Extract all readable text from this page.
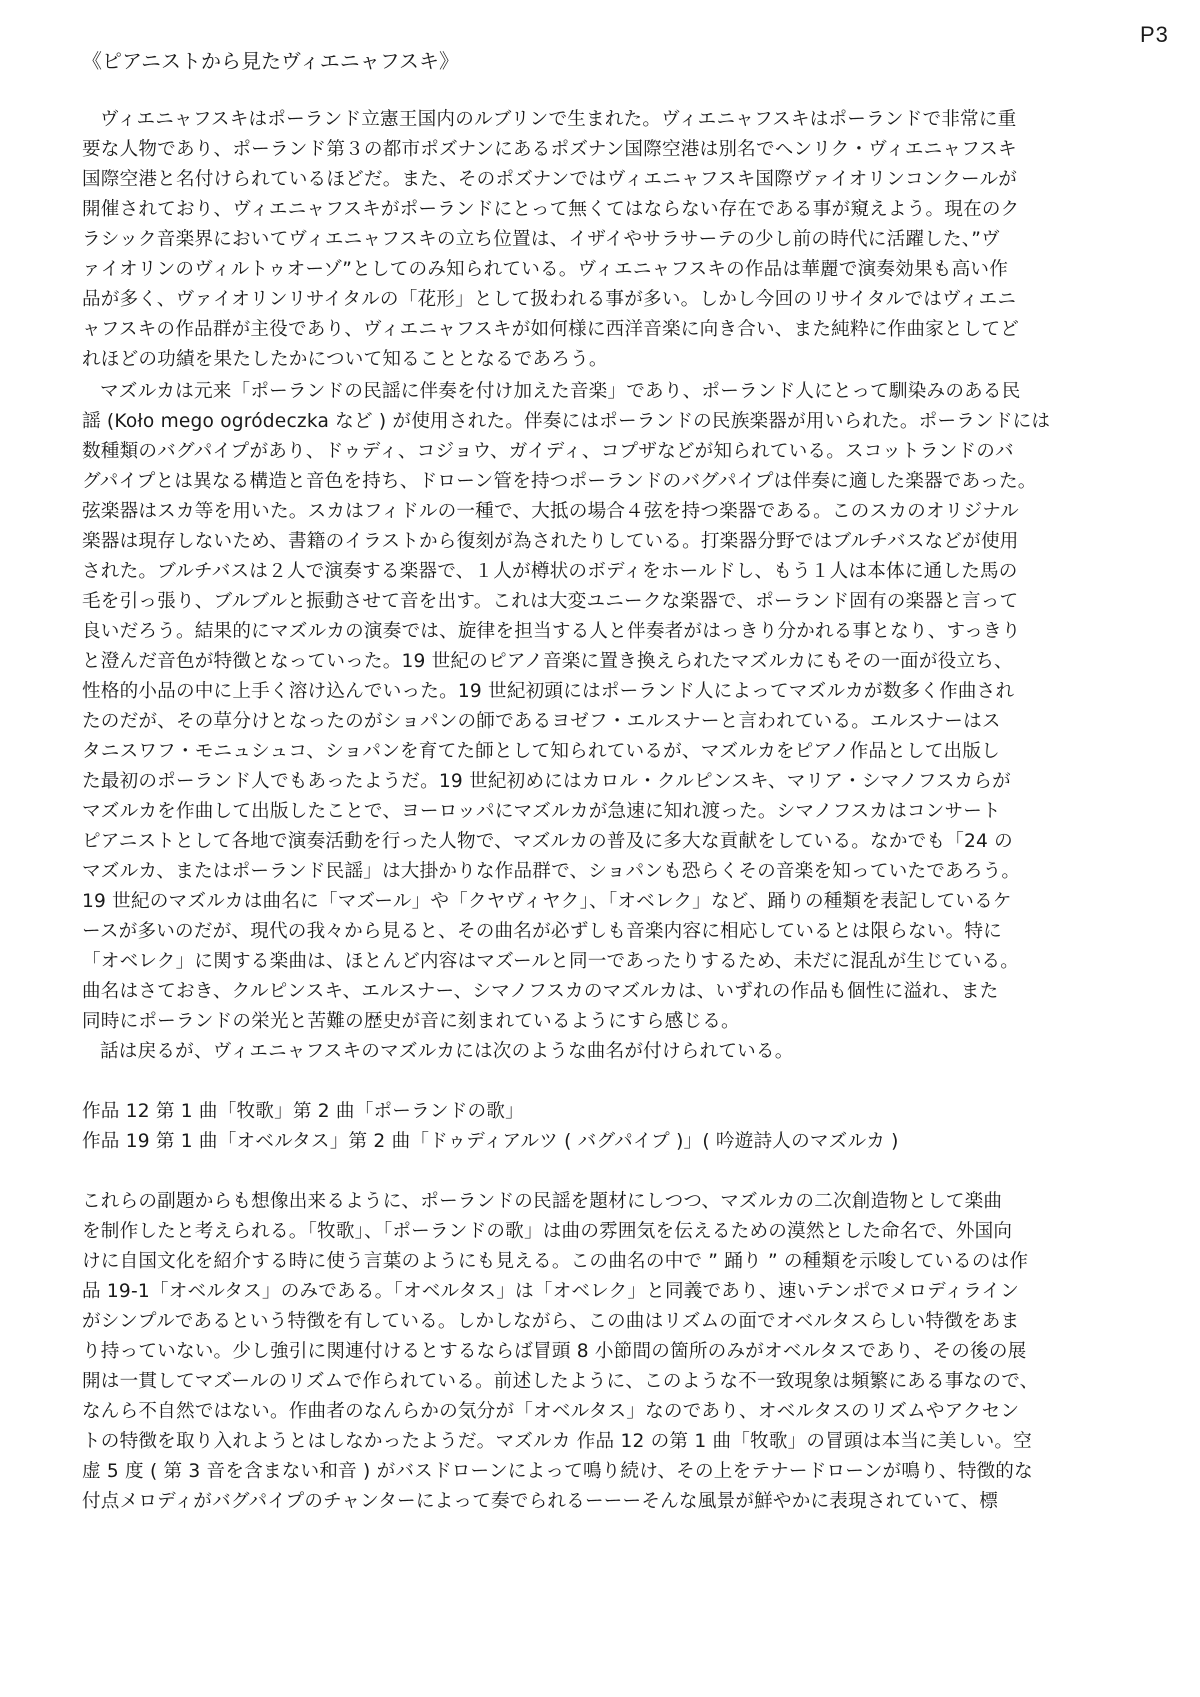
P3
《ピアニストから見たヴィエニャフスキ》
ヴィエニャフスキはポーランド立憲王国内のルブリンで生まれた。ヴィエニャフスキはポーランドで非常に重
要な人物であり、ポーランド第３の都市ポズナンにあるポズナン国際空港は別名でヘンリク・ヴィエニャフスキ
国際空港と名付けられているほどだ。また、そのポズナンではヴィエニャフスキ国際ヴァイオリンコンクールが
開催されており、ヴィエニャフスキがポーランドにとって無くてはならない存在である事が窺えよう。現在のク
ラシック音楽界においてヴィエニャフスキの立ち位置は、イザイやサラサーテの少し前の時代に活躍した、”ヴ
ァイオリンのヴィルトゥオーゾ”としてのみ知られている。ヴィエニャフスキの作品は華麗で演奏効果も高い作
品が多く、ヴァイオリンリサイタルの「花形」として扱われる事が多い。しかし今回のリサイタルではヴィエニ
ャフスキの作品群が主役であり、ヴィエニャフスキが如何様に西洋音楽に向き合い、また純粋に作曲家としてど
れほどの功績を果たしたかについて知ることとなるであろう。
マズルカは元来「ポーランドの民謡に伴奏を付け加えた音楽」であり、ポーランド人にとって馴染みのある民
謡 (Koło mego ogródeczka など ) が使用された。伴奏にはポーランドの民族楽器が用いられた。ポーランドには
数種類のバグパイプがあり、ドゥディ、コジョウ、ガイディ、コプザなどが知られている。スコットランドのバ
グパイプとは異なる構造と音色を持ち、ドローン管を持つポーランドのバグパイプは伴奏に適した楽器であった。
弦楽器はスカ等を用いた。スカはフィドルの一種で、大抵の場合４弦を持つ楽器である。このスカのオリジナル
楽器は現存しないため、書籍のイラストから復刻が為されたりしている。打楽器分野ではブルチバスなどが使用
された。ブルチバスは２人で演奏する楽器で、１人が樽状のボディをホールドし、もう１人は本体に通した馬の
毛を引っ張り、ブルブルと振動させて音を出す。これは大変ユニークな楽器で、ポーランド固有の楽器と言って
良いだろう。結果的にマズルカの演奏では、旋律を担当する人と伴奏者がはっきり分かれる事となり、すっきり
と澄んだ音色が特徴となっていった。19 世紀のピアノ音楽に置き換えられたマズルカにもその一面が役立ち、
性格的小品の中に上手く溶け込んでいった。19 世紀初頭にはポーランド人によってマズルカが数多く作曲され
たのだが、その草分けとなったのがショパンの師であるヨゼフ・エルスナーと言われている。エルスナーはス
タニスワフ・モニュシュコ、ショパンを育てた師として知られているが、マズルカをピアノ作品として出版し
た最初のポーランド人でもあったようだ。19 世紀初めにはカロル・クルピンスキ、マリア・シマノフスカらが
マズルカを作曲して出版したことで、ヨーロッパにマズルカが急速に知れ渡った。シマノフスカはコンサート
ピアニストとして各地で演奏活動を行った人物で、マズルカの普及に多大な貢献をしている。なかでも「24 の
マズルカ、またはポーランド民謡」は大掛かりな作品群で、ショパンも恐らくその音楽を知っていたであろう。
19 世紀のマズルカは曲名に「マズール」や「クヤヴィヤク」、「オベレク」など、踊りの種類を表記しているケ
ースが多いのだが、現代の我々から見ると、その曲名が必ずしも音楽内容に相応しているとは限らない。特に
「オベレク」に関する楽曲は、ほとんど内容はマズールと同一であったりするため、未だに混乱が生じている。
曲名はさておき、クルピンスキ、エルスナー、シマノフスカのマズルカは、いずれの作品も個性に溢れ、また
同時にポーランドの栄光と苦難の歴史が音に刻まれているようにすら感じる。
話は戻るが、ヴィエニャフスキのマズルカには次のような曲名が付けられている。
作品 12 第 1 曲「牧歌」第 2 曲「ポーランドの歌」
作品 19 第 1 曲「オベルタス」第 2 曲「ドゥディアルツ ( バグパイプ )」( 吟遊詩人のマズルカ )
これらの副題からも想像出来るように、ポーランドの民謡を題材にしつつ、マズルカの二次創造物として楽曲
を制作したと考えられる。「牧歌」、「ポーランドの歌」は曲の雰囲気を伝えるための漠然とした命名で、外国向
けに自国文化を紹介する時に使う言葉のようにも見える。この曲名の中で ” 踊り ” の種類を示唆しているのは作
品 19-1「オベルタス」のみである。「オベルタス」は「オベレク」と同義であり、速いテンポでメロディライン
がシンプルであるという特徴を有している。しかしながら、この曲はリズムの面でオベルタスらしい特徴をあま
り持っていない。少し強引に関連付けるとするならば冒頭 8 小節間の箇所のみがオベルタスであり、その後の展
開は一貫してマズールのリズムで作られている。前述したように、このような不一致現象は頻繁にある事なので、
なんら不自然ではない。作曲者のなんらかの気分が「オベルタス」なのであり、オベルタスのリズムやアクセン
トの特徴を取り入れようとはしなかったようだ。マズルカ 作品 12 の第 1 曲「牧歌」の冒頭は本当に美しい。空
虚 5 度 ( 第 3 音を含まない和音 ) がバスドローンによって鳴り続け、その上をテナードローンが鳴り、特徴的な
付点メロディがバグパイプのチャンターによって奏でられるーーーそんな風景が鮮やかに表現されていて、標
